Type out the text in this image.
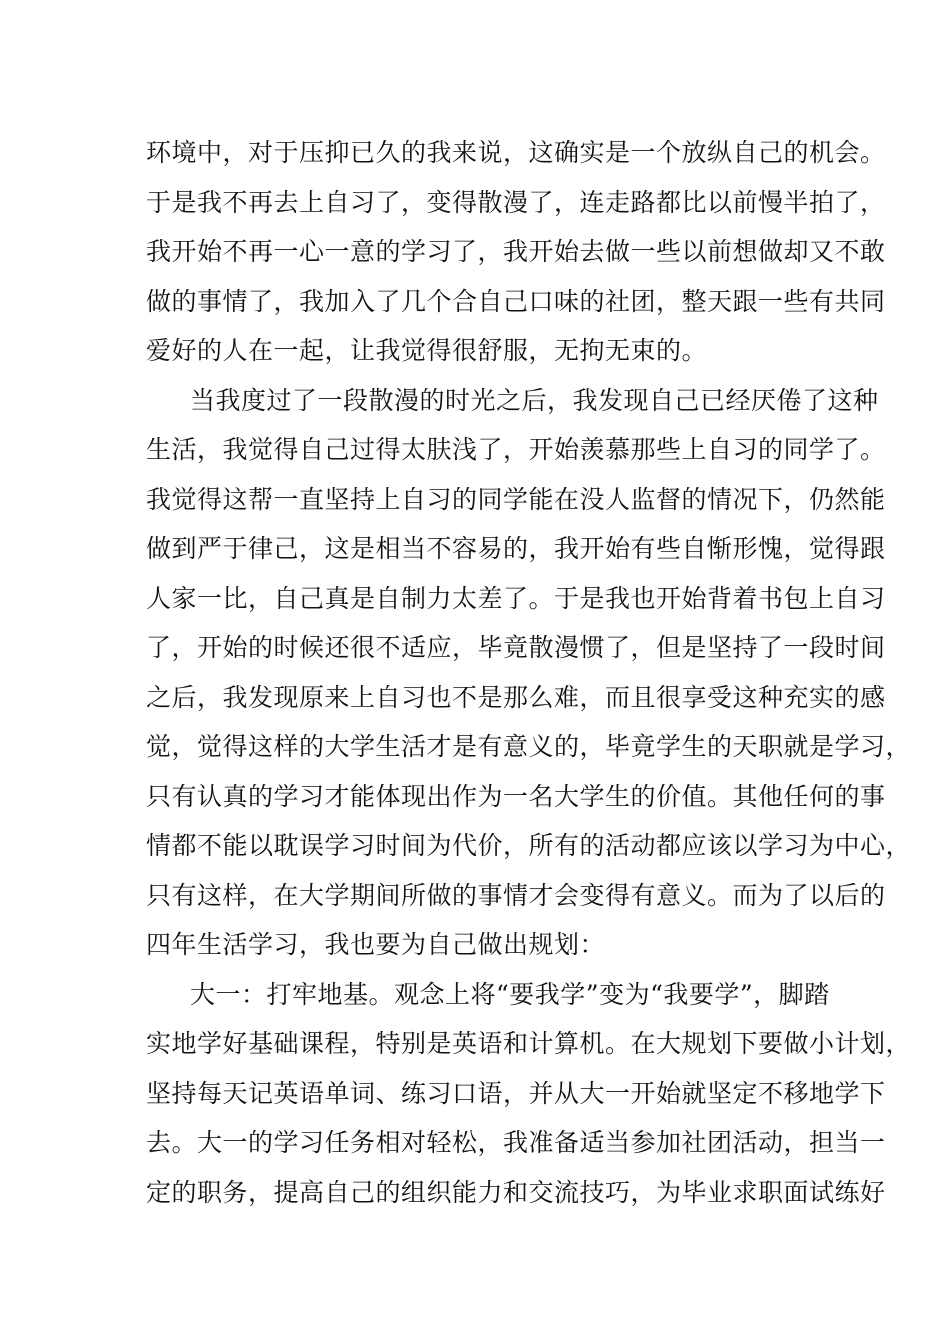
环境中，对于压抑已久的我来说，这确实是一个放纵自己的机会。
于是我不再去上自习了，变得散漫了，连走路都比以前慢半拍了，
我开始不再一心一意的学习了，我开始去做一些以前想做却又不敢
做的事情了，我加入了几个合自己口味的社团，整天跟一些有共同
爱好的人在一起，让我觉得很舒服，无拘无束的。
当我度过了一段散漫的时光之后，我发现自己已经厌倦了这种
生活，我觉得自己过得太肤浅了，开始羡慕那些上自习的同学了。
我觉得这帮一直坚持上自习的同学能在没人监督的情况下，仍然能
做到严于律己，这是相当不容易的，我开始有些自惭形愧，觉得跟
人家一比，自己真是自制力太差了。于是我也开始背着书包上自习
了，开始的时候还很不适应，毕竟散漫惯了，但是坚持了一段时间
之后，我发现原来上自习也不是那么难，而且很享受这种充实的感
觉，觉得这样的大学生活才是有意义的，毕竟学生的天职就是学习，
只有认真的学习才能体现出作为一名大学生的价值。其他任何的事
情都不能以耽误学习时间为代价，所有的活动都应该以学习为中心，
只有这样，在大学期间所做的事情才会变得有意义。而为了以后的
四年生活学习，我也要为自己做出规划：
大一：打牢地基。观念上将“要我学”变为“我要学”，脚踏
实地学好基础课程，特别是英语和计算机。在大规划下要做小计划，
坚持每天记英语单词、练习口语，并从大一开始就坚定不移地学下
去。大一的学习任务相对轻松，我准备适当参加社团活动，担当一
定的职务，提高自己的组织能力和交流技巧，为毕业求职面试练好
